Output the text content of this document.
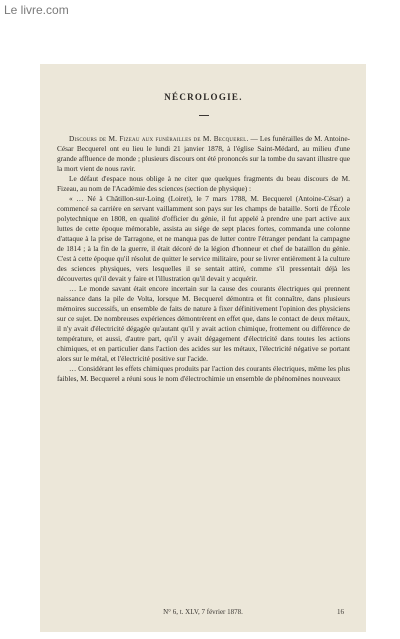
Le livre.com
NÉCROLOGIE.

Discours de M. Fizeau aux funérailles de M. Becquerel. — Les funérailles de M. Antoine-César Becquerel ont eu lieu le lundi 21 janvier 1878, à l'église Saint-Médard, au milieu d'une grande affluence de monde ; plusieurs discours ont été prononcés sur la tombe du savant illustre que la mort vient de nous ravir.

Le défaut d'espace nous oblige à ne citer que quelques fragments du beau discours de M. Fizeau, au nom de l'Académie des sciences (section de physique) :

« … Né à Châtillon-sur-Loing (Loiret), le 7 mars 1788, M. Becquerel (Antoine-César) a commencé sa carrière en servant vaillamment son pays sur les champs de bataille. Sorti de l'École polytechnique en 1808, en qualité d'officier du génie, il fut appelé à prendre une part active aux luttes de cette époque mémorable, assista au siége de sept places fortes, commanda une colonne d'attaque à la prise de Tarragone, et ne manqua pas de lutter contre l'étranger pendant la campagne de 1814 ; à la fin de la guerre, il était décoré de la légion d'honneur et chef de bataillon du génie. C'est à cette époque qu'il résolut de quitter le service militaire, pour se livrer entièrement à la culture des sciences physiques, vers lesquelles il se sentait attiré, comme s'il pressentait déjà les découvertes qu'il devait y faire et l'illustration qu'il devait y acquérir.

… Le monde savant était encore incertain sur la cause des courants électriques qui prennent naissance dans la pile de Volta, lorsque M. Becquerel démontra et fit connaître, dans plusieurs mémoires successifs, un ensemble de faits de nature à fixer définitivement l'opinion des physiciens sur ce sujet. De nombreuses expériences démontrèrent en effet que, dans le contact de deux métaux, il n'y avait d'électricité dégagée qu'autant qu'il y avait action chimique, frottement ou différence de température, et aussi, d'autre part, qu'il y avait dégagement d'électricité dans toutes les actions chimiques, et en particulier dans l'action des acides sur les métaux, l'électricité négative se portant alors sur le métal, et l'électricité positive sur l'acide.

… Considérant les effets chimiques produits par l'action des courants électriques, même les plus faibles, M. Becquerel a réuni sous le nom d'électrochimie un ensemble de phénomènes nouveaux

N° 6, t. XLV, 7 février 1878.	16
